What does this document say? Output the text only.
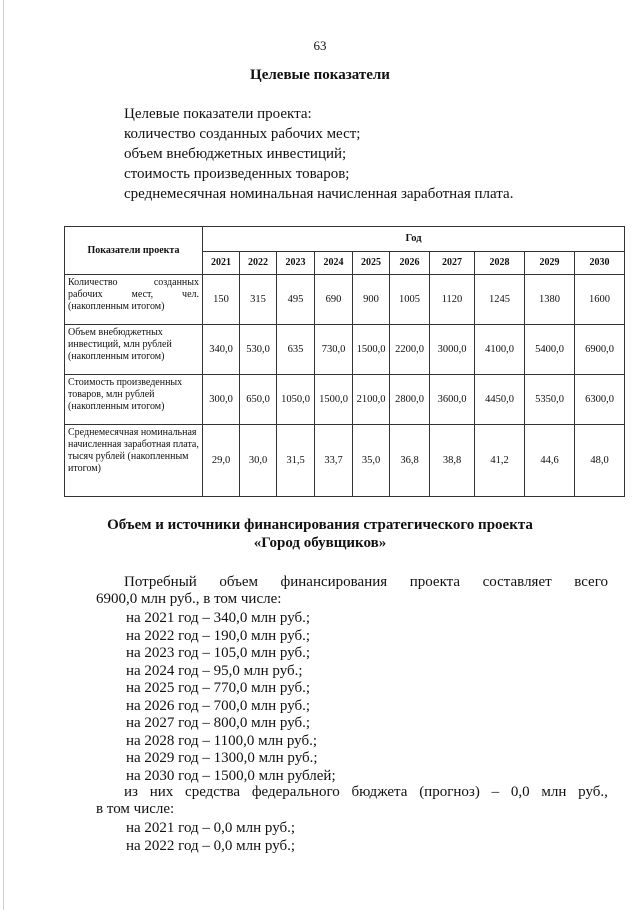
63
Целевые показатели
Целевые показатели проекта:
количество созданных рабочих мест;
объем внебюджетных инвестиций;
стоимость произведенных товаров;
среднемесячная номинальная начисленная заработная плата.
Показатели проекта	Год									
	2021	2022	2023	2024	2025	2026	2027	2028	2029	2030
Количество созданных рабочих мест, чел. (накопленным итогом)	150	315	495	690	900	1005	1120	1245	1380	1600
Объем внебюджетных инвестиций, млн рублей (накопленным итогом)	340,0	530,0	635	730,0	1500,0	2200,0	3000,0	4100,0	5400,0	6900,0
Стоимость произведенных товаров, млн рублей (накопленным итогом)	300,0	650,0	1050,0	1500,0	2100,0	2800,0	3600,0	4450,0	5350,0	6300,0
Среднемесячная номинальная начисленная заработная плата, тысяч рублей (накопленным итогом)	29,0	30,0	31,5	33,7	35,0	36,8	38,8	41,2	44,6	48,0
Объем и источники финансирования стратегического проекта
«Город обувщиков»
Потребный объем финансирования проекта составляет всего
6900,0 млн руб., в том числе:
на 2021 год – 340,0 млн руб.;
на 2022 год – 190,0 млн руб.;
на 2023 год – 105,0 млн руб.;
на 2024 год – 95,0 млн руб.;
на 2025 год – 770,0 млн руб.;
на 2026 год – 700,0 млн руб.;
на 2027 год – 800,0 млн руб.;
на 2028 год – 1100,0 млн руб.;
на 2029 год – 1300,0 млн руб.;
на 2030 год – 1500,0 млн рублей;
из них средства федерального бюджета (прогноз) – 0,0 млн руб.,
в том числе:
на 2021 год – 0,0 млн руб.;
на 2022 год – 0,0 млн руб.;
